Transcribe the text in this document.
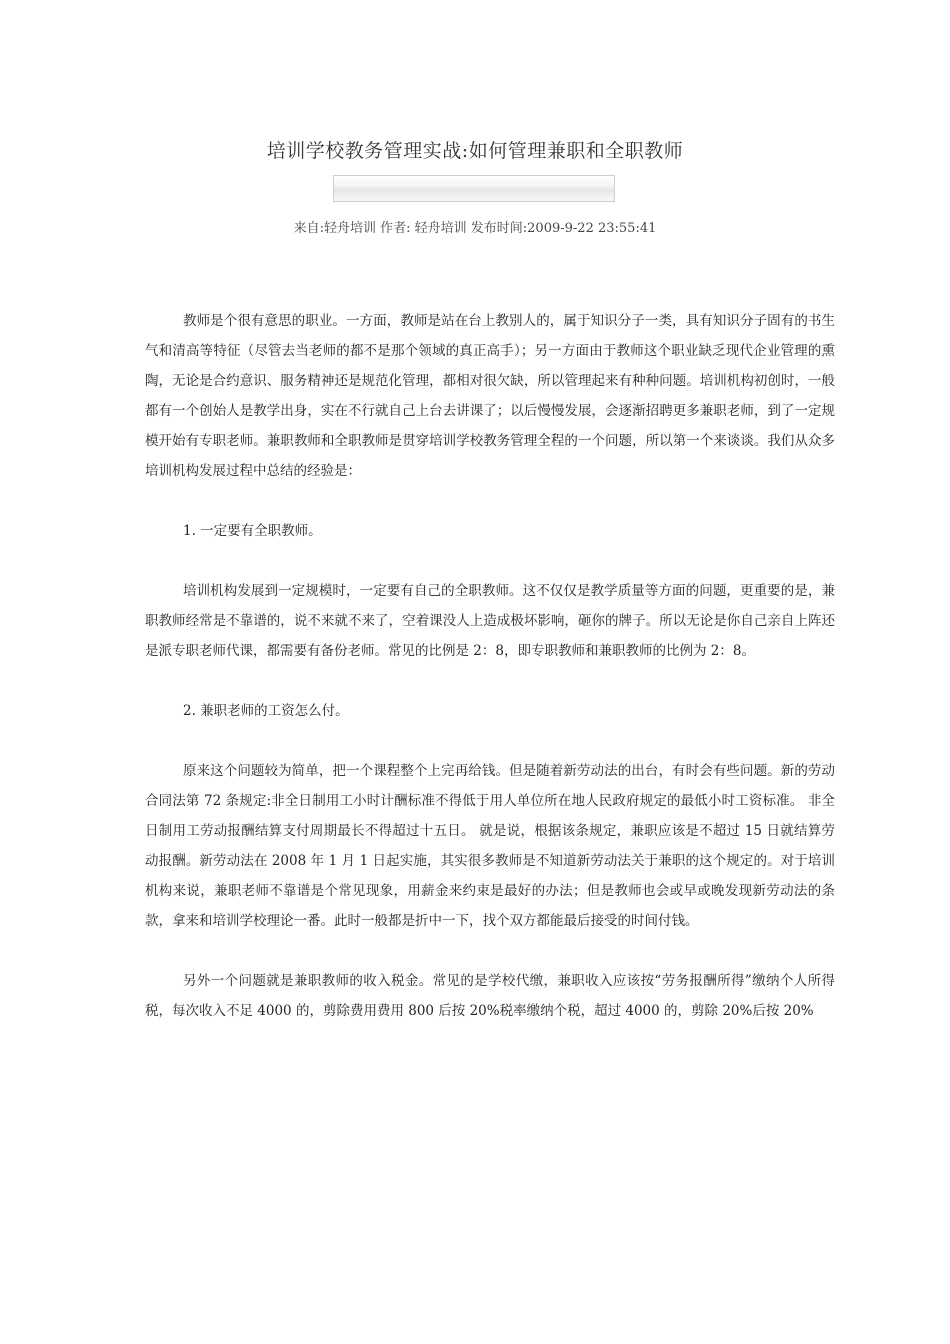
培训学校教务管理实战:如何管理兼职和全职教师
来自:轻舟培训 作者: 轻舟培训 发布时间:2009-9-22 23:55:41

教师是个很有意思的职业。一方面，教师是站在台上教别人的，属于知识分子一类，具有知识分子固有的书生气和清高等特征（尽管去当老师的都不是那个领域的真正高手）；另一方面由于教师这个职业缺乏现代企业管理的熏陶，无论是合约意识、服务精神还是规范化管理，都相对很欠缺，所以管理起来有种种问题。培训机构初创时，一般都有一个创始人是教学出身，实在不行就自己上台去讲课了；以后慢慢发展，会逐渐招聘更多兼职老师，到了一定规模开始有专职老师。兼职教师和全职教师是贯穿培训学校教务管理全程的一个问题，所以第一个来谈谈。我们从众多培训机构发展过程中总结的经验是：

1. 一定要有全职教师。

培训机构发展到一定规模时，一定要有自己的全职教师。这不仅仅是教学质量等方面的问题，更重要的是，兼职教师经常是不靠谱的，说不来就不来了，空着课没人上造成极坏影响，砸你的牌子。所以无论是你自己亲自上阵还是派专职老师代课，都需要有备份老师。常见的比例是 2：8，即专职教师和兼职教师的比例为 2：8。

2. 兼职老师的工资怎么付。

原来这个问题较为简单，把一个课程整个上完再给钱。但是随着新劳动法的出台，有时会有些问题。新的劳动合同法第 72 条规定:非全日制用工小时计酬标准不得低于用人单位所在地人民政府规定的最低小时工资标准。 非全日制用工劳动报酬结算支付周期最长不得超过十五日。 就是说，根据该条规定，兼职应该是不超过 15 日就结算劳动报酬。新劳动法在 2008 年 1 月 1 日起实施，其实很多教师是不知道新劳动法关于兼职的这个规定的。对于培训机构来说，兼职老师不靠谱是个常见现象，用薪金来约束是最好的办法；但是教师也会或早或晚发现新劳动法的条款，拿来和培训学校理论一番。此时一般都是折中一下，找个双方都能最后接受的时间付钱。

另外一个问题就是兼职教师的收入税金。常见的是学校代缴，兼职收入应该按“劳务报酬所得”缴纳个人所得税，每次收入不足 4000 的，剪除费用费用 800 后按 20%税率缴纳个税，超过 4000 的，剪除 20%后按 20%
